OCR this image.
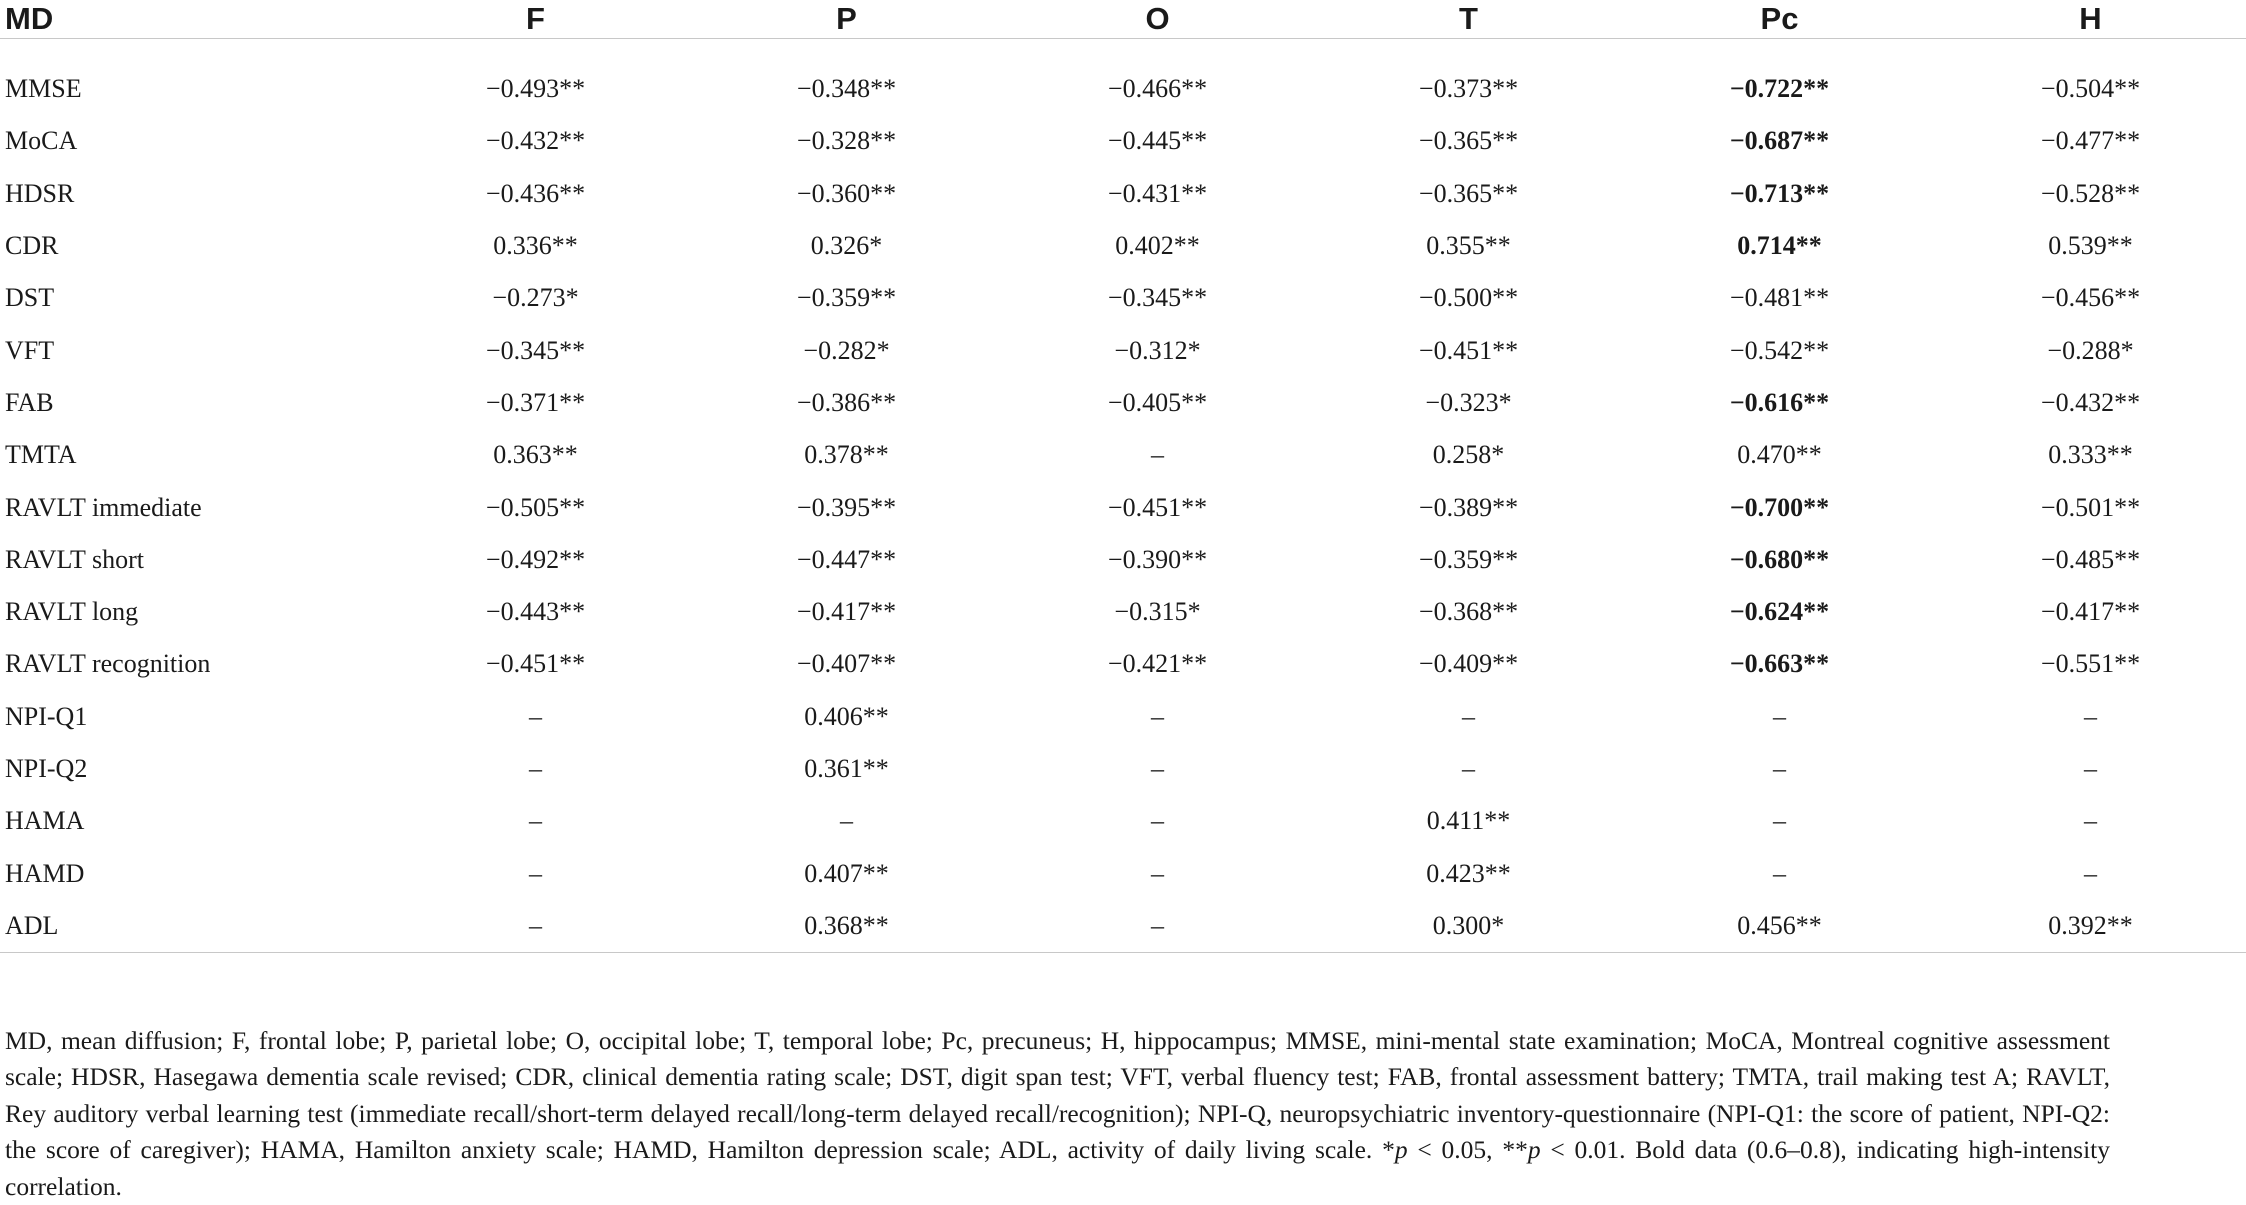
MD	F	P	O	T	Pc	H

MMSE	−0.493**	−0.348**	−0.466**	−0.373**	−0.722**	−0.504**
MoCA	−0.432**	−0.328**	−0.445**	−0.365**	−0.687**	−0.477**
HDSR	−0.436**	−0.360**	−0.431**	−0.365**	−0.713**	−0.528**
CDR	0.336**	0.326*	0.402**	0.355**	0.714**	0.539**
DST	−0.273*	−0.359**	−0.345**	−0.500**	−0.481**	−0.456**
VFT	−0.345**	−0.282*	−0.312*	−0.451**	−0.542**	−0.288*
FAB	−0.371**	−0.386**	−0.405**	−0.323*	−0.616**	−0.432**
TMTA	0.363**	0.378**	–	0.258*	0.470**	0.333**
RAVLT immediate	−0.505**	−0.395**	−0.451**	−0.389**	−0.700**	−0.501**
RAVLT short	−0.492**	−0.447**	−0.390**	−0.359**	−0.680**	−0.485**
RAVLT long	−0.443**	−0.417**	−0.315*	−0.368**	−0.624**	−0.417**
RAVLT recognition	−0.451**	−0.407**	−0.421**	−0.409**	−0.663**	−0.551**
NPI-Q1	–	0.406**	–	–	–	–
NPI-Q2	–	0.361**	–	–	–	–
HAMA	–	–	–	0.411**	–	–
HAMD	–	0.407**	–	0.423**	–	–
ADL	–	0.368**	–	0.300*	0.456**	0.392**

MD, mean diffusion; F, frontal lobe; P, parietal lobe; O, occipital lobe; T, temporal lobe; Pc, precuneus; H, hippocampus; MMSE, mini-mental state examination; MoCA, Montreal cognitive assessment scale; HDSR, Hasegawa dementia scale revised; CDR, clinical dementia rating scale; DST, digit span test; VFT, verbal fluency test; FAB, frontal assessment battery; TMTA, trail making test A; RAVLT, Rey auditory verbal learning test (immediate recall/short-term delayed recall/long-term delayed recall/recognition); NPI-Q, neuropsychiatric inventory-questionnaire (NPI-Q1: the score of patient, NPI-Q2: the score of caregiver); HAMA, Hamilton anxiety scale; HAMD, Hamilton depression scale; ADL, activity of daily living scale. *p < 0.05, **p < 0.01. Bold data (0.6–0.8), indicating high-intensity correlation.
